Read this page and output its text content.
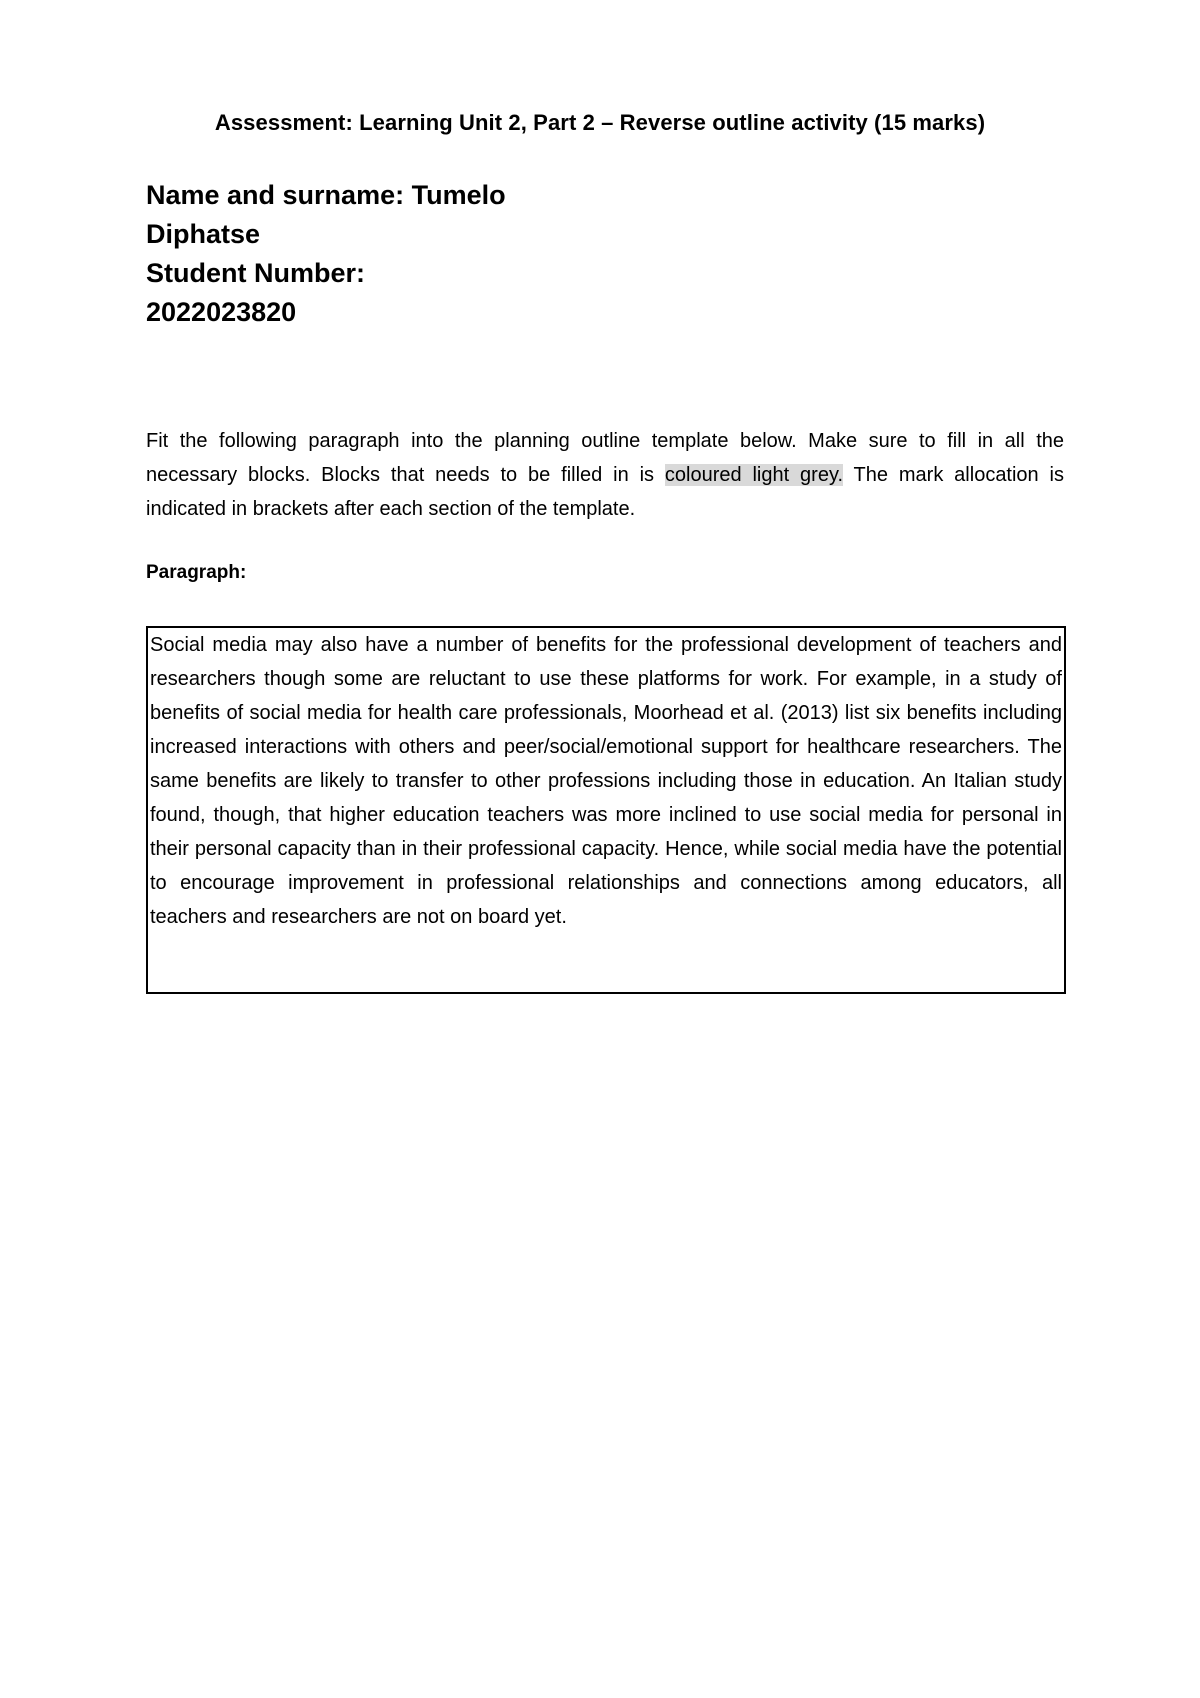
Assessment: Learning Unit 2, Part 2 – Reverse outline activity (15 marks)
Name and surname: Tumelo
Diphatse
Student Number:
2022023820
Fit the following paragraph into the planning outline template below. Make sure to fill in all the necessary blocks. Blocks that needs to be filled in is coloured light grey. The mark allocation is indicated in brackets after each section of the template.
Paragraph:

Social media may also have a number of benefits for the professional development of teachers and researchers though some are reluctant to use these platforms for work. For example, in a study of benefits of social media for health care professionals, Moorhead et al. (2013) list six benefits including increased interactions with others and peer/social/emotional support for healthcare researchers. The same benefits are likely to transfer to other professions including those in education. An Italian study found, though, that higher education teachers was more inclined to use social media for personal in their personal capacity than in their professional capacity. Hence, while social media have the potential to encourage improvement in professional relationships and connections among educators, all teachers and researchers are not on board yet.
